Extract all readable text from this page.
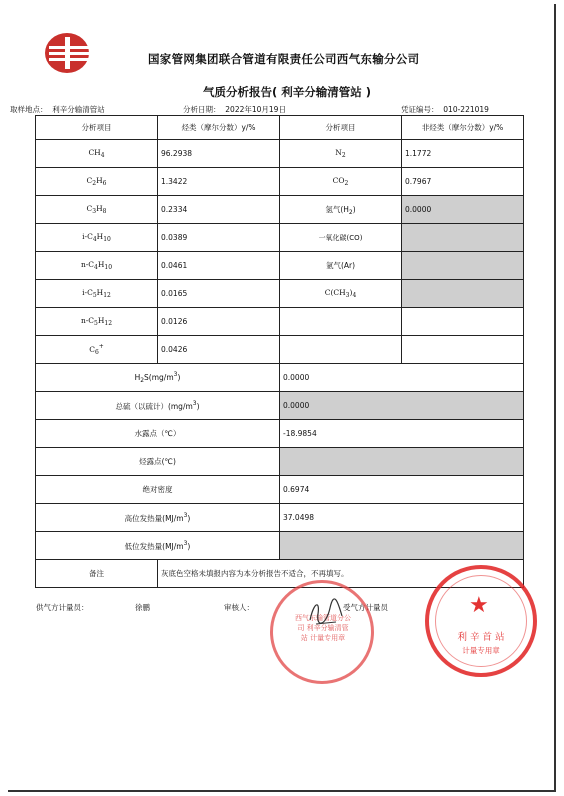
国家管网集团联合管道有限责任公司西气东输分公司
气质分析报告( 利辛分输清管站 )
取样地点： 利辛分输清管站	分析日期： 2022年10月19日	凭证编号： 010-221019
分析项目	烃类（摩尔分数）y/%	分析项目	非烃类（摩尔分数）y/%
$CH_4$	96.2938	$N_2$	1.1772
$C_2H_6$	1.3422	$CO_2$	0.7967
$C_3H_8$	0.2334	氢气$(H_2)$	0.0000
$i-C_4H_{10}$	0.0389	一氧化碳(CO)	
$n-C_4H_{10}$	0.0461	氩气(Ar)	
$i-C_5H_{12}$	0.0165	$C(CH_3)_4$	
$n-C_5H_{12}$	0.0126		
$C_6^+$	0.0426		
$H_2S(mg/m^3)$		0.0000	
总硫（以硫计）$(mg/m^3)$		0.0000	
水露点（℃）		-18.9854	
烃露点(℃)			
绝对密度		0.6974	
高位发热量$(MJ/m^3)$		37.0498	
低位发热量$(MJ/m^3)$			
备注	灰底色空格未填报内容为本分析报告不适合，不再填写。		
供气方计量员：	徐鹏	审核人：	受气方计量员
西气东输管道分公司 利辛分输清管站 计量专用章
★
利 辛 首 站
计量专用章
